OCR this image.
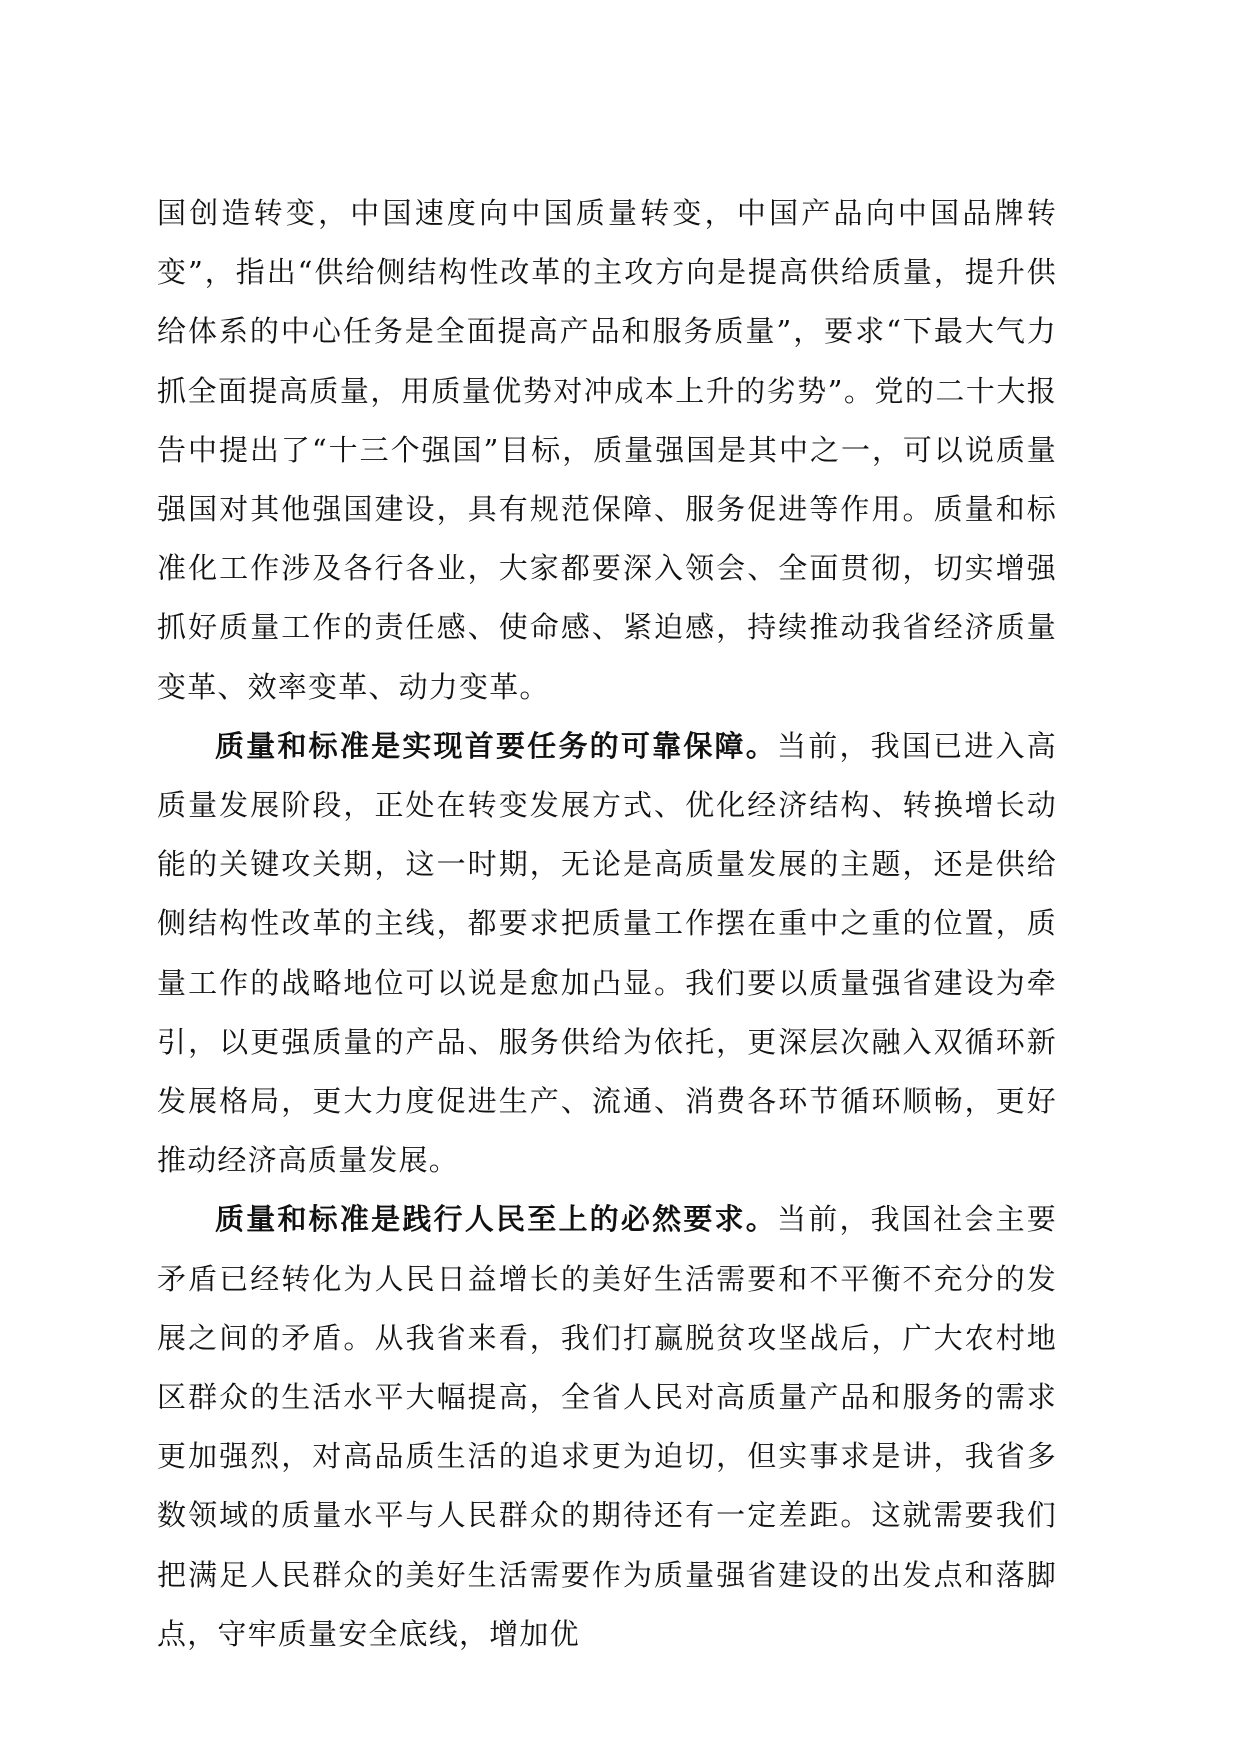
国创造转变，中国速度向中国质量转变，中国产品向中国品牌转变”，指出“供给侧结构性改革的主攻方向是提高供给质量，提升供给体系的中心任务是全面提高产品和服务质量”，要求“下最大气力抓全面提高质量，用质量优势对冲成本上升的劣势”。党的二十大报告中提出了“十三个强国”目标，质量强国是其中之一，可以说质量强国对其他强国建设，具有规范保障、服务促进等作用。质量和标准化工作涉及各行各业，大家都要深入领会、全面贯彻，切实增强抓好质量工作的责任感、使命感、紧迫感，持续推动我省经济质量变革、效率变革、动力变革。

质量和标准是实现首要任务的可靠保障。当前，我国已进入高质量发展阶段，正处在转变发展方式、优化经济结构、转换增长动能的关键攻关期，这一时期，无论是高质量发展的主题，还是供给侧结构性改革的主线，都要求把质量工作摆在重中之重的位置，质量工作的战略地位可以说是愈加凸显。我们要以质量强省建设为牵引，以更强质量的产品、服务供给为依托，更深层次融入双循环新发展格局，更大力度促进生产、流通、消费各环节循环顺畅，更好推动经济高质量发展。

质量和标准是践行人民至上的必然要求。当前，我国社会主要矛盾已经转化为人民日益增长的美好生活需要和不平衡不充分的发展之间的矛盾。从我省来看，我们打赢脱贫攻坚战后，广大农村地区群众的生活水平大幅提高，全省人民对高质量产品和服务的需求更加强烈，对高品质生活的追求更为迫切，但实事求是讲，我省多数领域的质量水平与人民群众的期待还有一定差距。这就需要我们把满足人民群众的美好生活需要作为质量强省建设的出发点和落脚点，守牢质量安全底线，增加优
